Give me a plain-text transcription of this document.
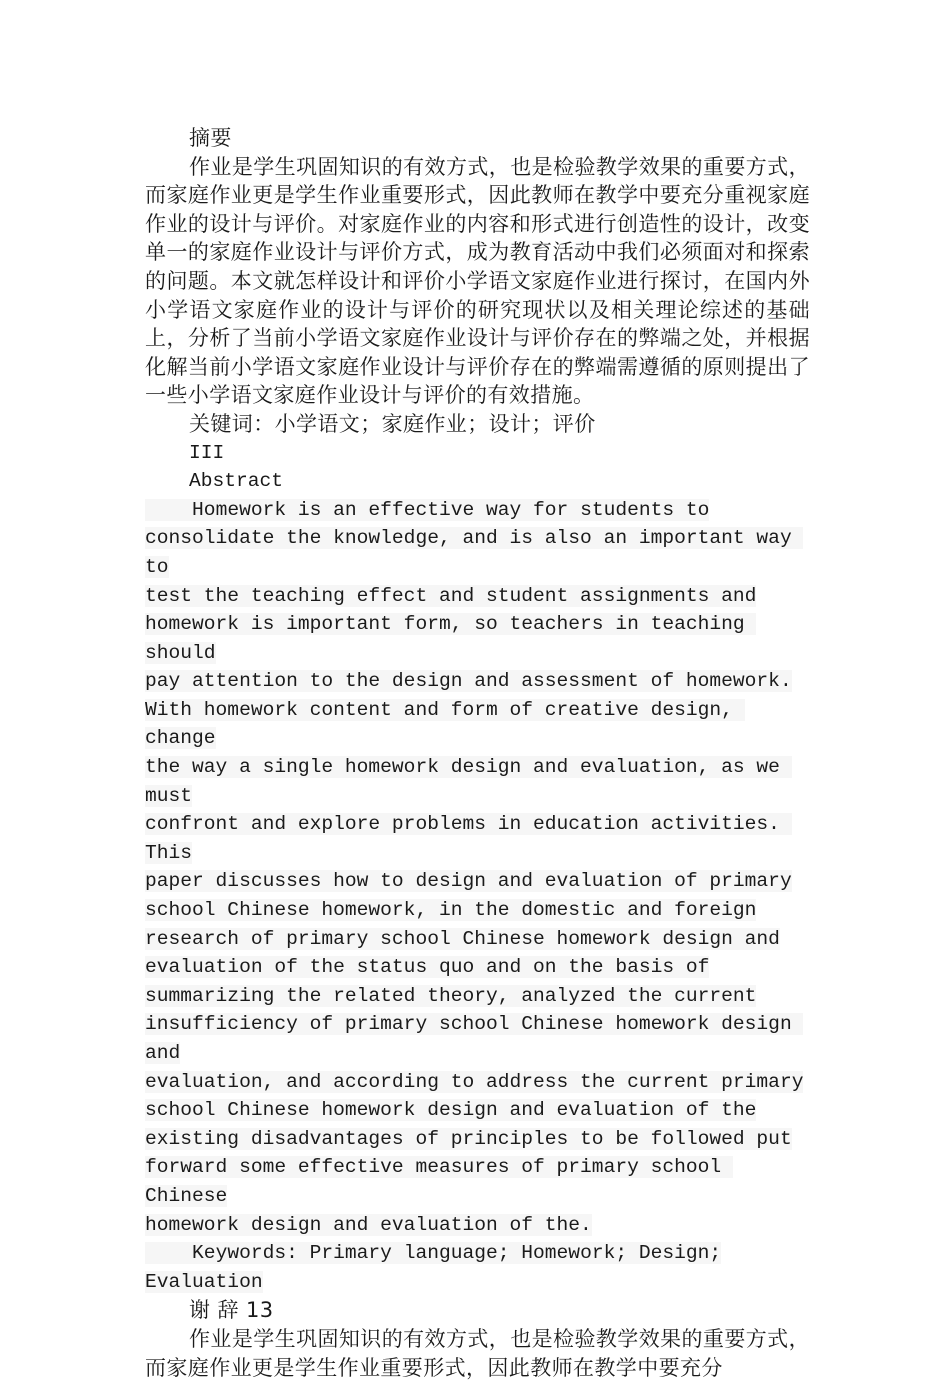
摘要

作业是学生巩固知识的有效方式，也是检验教学效果的重要方式，而家庭作业更是学生作业重要形式，因此教师在教学中要充分重视家庭作业的设计与评价。对家庭作业的内容和形式进行创造性的设计，改变单一的家庭作业设计与评价方式，成为教育活动中我们必须面对和探索的问题。本文就怎样设计和评价小学语文家庭作业进行探讨，在国内外小学语文家庭作业的设计与评价的研究现状以及相关理论综述的基础上，分析了当前小学语文家庭作业设计与评价存在的弊端之处，并根据化解当前小学语文家庭作业设计与评价存在的弊端需遵循的原则提出了一些小学语文家庭作业设计与评价的有效措施。

关键词：小学语文；家庭作业；设计；评价

III

Abstract

Homework is an effective way for students to
consolidate the knowledge, and is also an important way to
test the teaching effect and student assignments and
homework is important form, so teachers in teaching should
pay attention to the design and assessment of homework.
With homework content and form of creative design, change
the way a single homework design and evaluation, as we must
confront and explore problems in education activities. This
paper discusses how to design and evaluation of primary
school Chinese homework, in the domestic and foreign
research of primary school Chinese homework design and
evaluation of the status quo and on the basis of
summarizing the related theory, analyzed the current
insufficiency of primary school Chinese homework design and
evaluation, and according to address the current primary
school Chinese homework design and evaluation of the
existing disadvantages of principles to be followed put
forward some effective measures of primary school Chinese
homework design and evaluation of the.
Keywords: Primary language; Homework; Design;
Evaluation

谢 辞 13

作业是学生巩固知识的有效方式，也是检验教学效果的重要方式，而家庭作业更是学生作业重要形式，因此教师在教学中要充分
